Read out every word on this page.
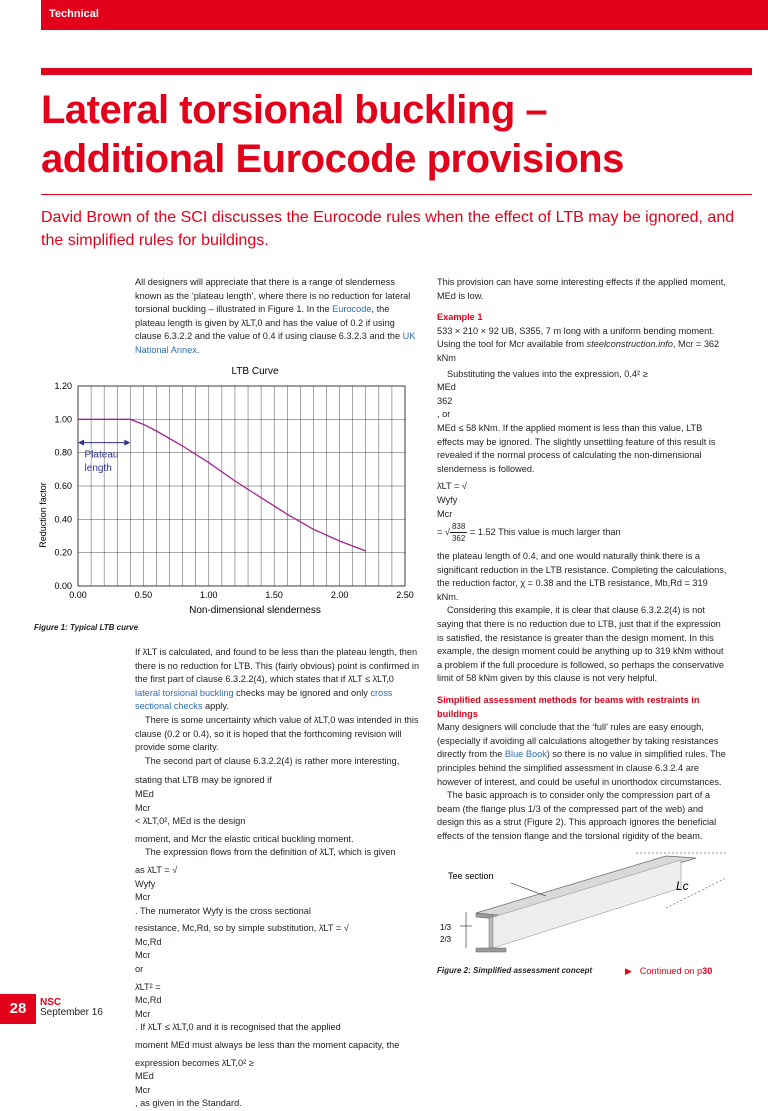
Technical
Lateral torsional buckling –
additional Eurocode provisions
David Brown of the SCI discusses the Eurocode rules when the effect of LTB may be ignored, and the simplified rules for buildings.

All designers will appreciate that there is a range of slenderness known as the ‘plateau length’, where there is no reduction for lateral torsional buckling – illustrated in Figure 1. In the Eurocode, the plateau length is given by λ̄LT,0 and has the value of 0.2 if using clause 6.3.2.2 and the value of 0.4 if using clause 6.3.2.3 and the UK National Annex.

LTB Curve
0.00
0.20
0.40
0.60
0.80
1.00
1.20
0.00	0.50	1.00	1.50	2.00	2.50
Plateau
length
Reduction factor
Non-dimensional slenderness
Figure 1: Typical LTB curve

If λ̄LT is calculated, and found to be less than the plateau length, then there is no reduction for LTB. This (fairly obvious) point is confirmed in the first part of clause 6.3.2.2(4), which states that if λ̄LT ≤ λ̄LT,0 lateral torsional buckling checks may be ignored and only cross sectional checks apply.

There is some uncertainty which value of λ̄LT,0 was intended in this clause (0.2 or 0.4), so it is hoped that the forthcoming revision will provide some clarity.

The second part of clause 6.3.2.2(4) is rather more interesting,

stating that LTB may be ignored if

MEd
Mcr
< λ̄LT,0², MEd is the design

moment, and Mcr the elastic critical buckling moment.

The expression flows from the definition of λ̄LT, which is given

as λ̄LT = √

Wyfy
Mcr
. The numerator Wyfy is the cross sectional

resistance, Mc,Rd, so by simple substitution, λ̄LT = √

Mc,Rd
Mcr
or

λ̄LT² =

Mc,Rd
Mcr
. If λ̄LT ≤ λ̄LT,0 and it is recognised that the applied

moment MEd must always be less than the moment capacity, the

expression becomes λ̄LT,0² ≥

MEd
Mcr
, as given in the Standard.

This provision can have some interesting effects if the applied moment, MEd is low.

Example 1

533 × 210 × 92 UB, S355, 7 m long with a uniform bending moment. Using the tool for Mcr available from steelconstruction.info, Mcr = 362 kNm

Substituting the values into the expression, 0.4² ≥

MEd
362
, or

MEd ≤ 58 kNm. If the applied moment is less than this value, LTB effects may be ignored. The slightly unsettling feature of this result is revealed if the normal process of calculating the non-dimensional slenderness is followed.

λ̄LT = √

Wyfy
Mcr
= √ $\frac{838}{362} = 1.52$ This value is much larger than

the plateau length of 0.4, and one would naturally think there is a significant reduction in the LTB resistance. Completing the calculations, the reduction factor, χ = 0.38 and the LTB resistance, Mb,Rd = 319 kNm.

Considering this example, it is clear that clause 6.3.2.2(4) is not saying that there is no reduction due to LTB, just that if the expression is satisfied, the resistance is greater than the design moment. In this example, the design moment could be anything up to 319 kNm without a problem if the full procedure is followed, so perhaps the conservative limit of 58 kNm given by this clause is not very helpful.

Simplified assessment methods for beams with restraints in buildings

Many designers will conclude that the ‘full’ rules are easy enough, (especially if avoiding all calculations altogether by taking resistances directly from the Blue Book) so there is no value in simplified rules. The principles behind the simplified assessment in clause 6.3.2.4 are however of interest, and could be useful in unorthodox circumstances.

The basic approach is to consider only the compression part of a beam (the flange plus 1/3 of the compressed part of the web) and design this as a strut (Figure 2). This approach ignores the beneficial effects of the tension flange and the torsional rigidity of the beam.

Tee section
Lc
1/3
2/3
Figure 2: Simplified assessment concept	▶ Continued on p30
28	NSC
September 16
